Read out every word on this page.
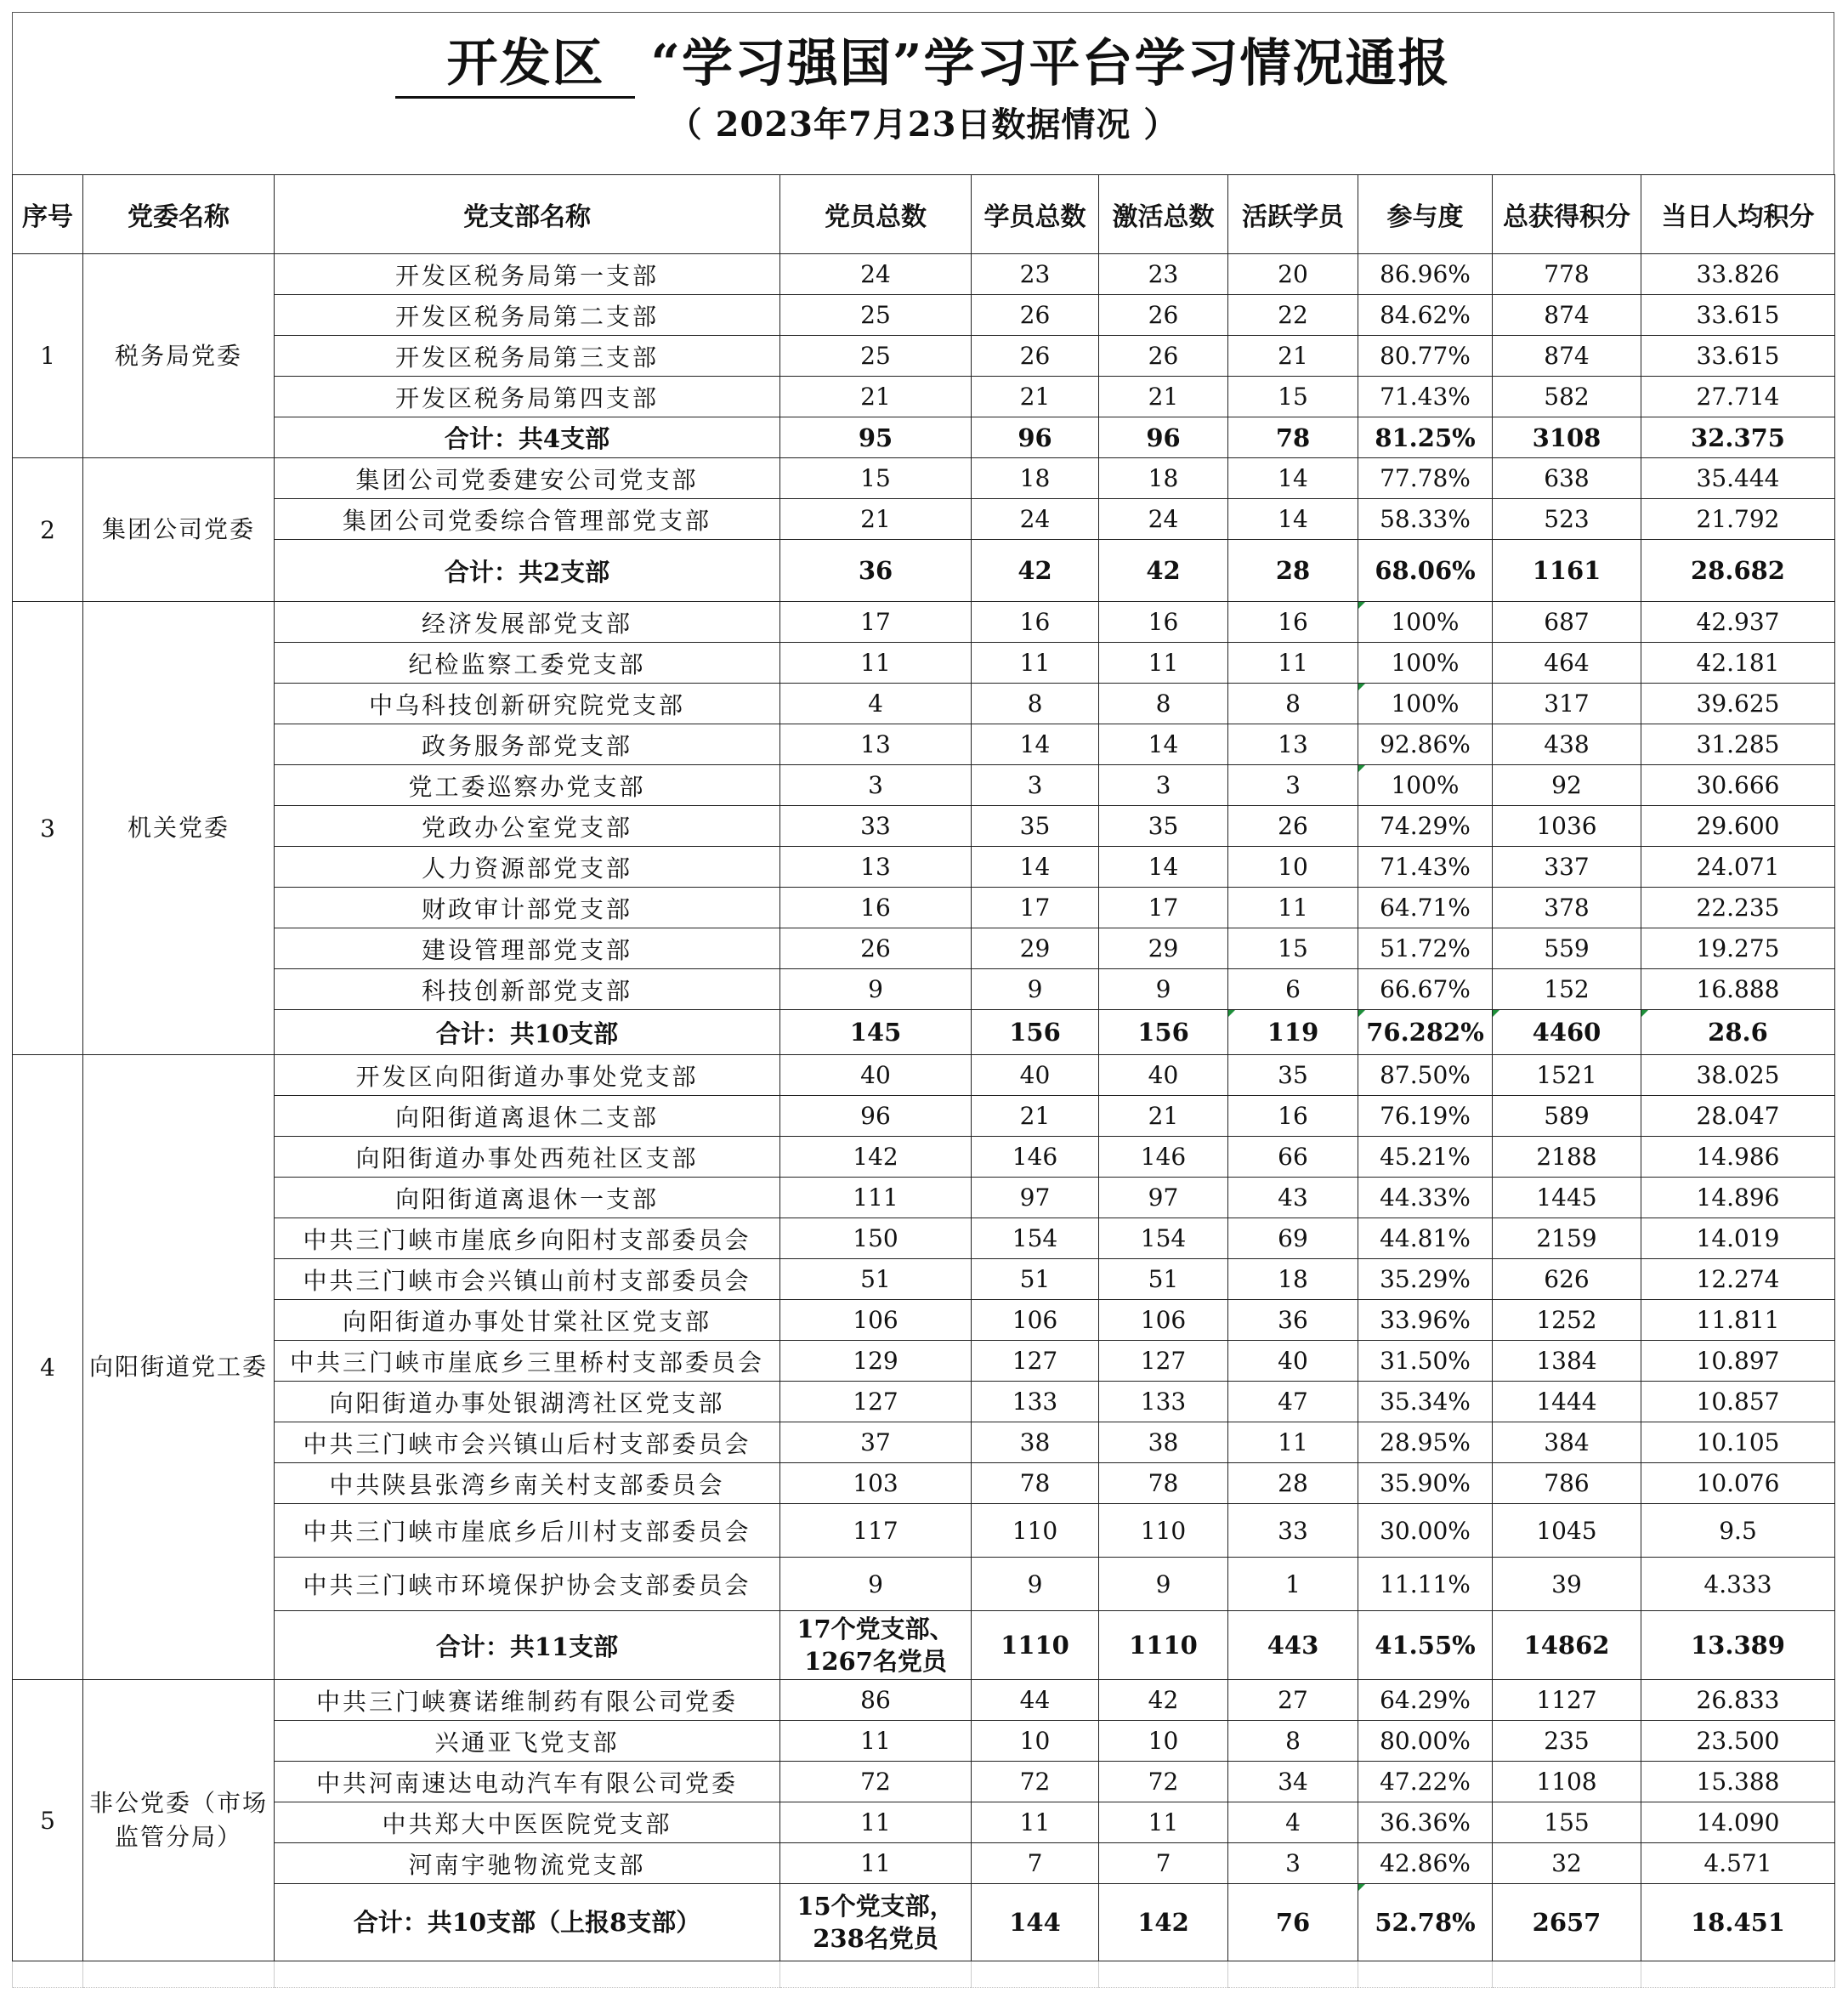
开发区 “学习强国”学习平台学习情况通报
（ 2023年7月23日数据情况 ）
序号	党委名称	党支部名称	党员总数	学员总数	激活总数	活跃学员	参与度	总获得积分	当日人均积分
1	税务局党委	开发区税务局第一支部	24	23	23	20	86.96%	778	33.826
		开发区税务局第二支部	25	26	26	22	84.62%	874	33.615
		开发区税务局第三支部	25	26	26	21	80.77%	874	33.615
		开发区税务局第四支部	21	21	21	15	71.43%	582	27.714
		合计：共4支部	95	96	96	78	81.25%	3108	32.375
2	集团公司党委	集团公司党委建安公司党支部	15	18	18	14	77.78%	638	35.444
		集团公司党委综合管理部党支部	21	24	24	14	58.33%	523	21.792
		合计：共2支部	36	42	42	28	68.06%	1161	28.682
3	机关党委	经济发展部党支部	17	16	16	16	100%	687	42.937
		纪检监察工委党支部	11	11	11	11	100%	464	42.181
		中乌科技创新研究院党支部	4	8	8	8	100%	317	39.625
		政务服务部党支部	13	14	14	13	92.86%	438	31.285
		党工委巡察办党支部	3	3	3	3	100%	92	30.666
		党政办公室党支部	33	35	35	26	74.29%	1036	29.600
		人力资源部党支部	13	14	14	10	71.43%	337	24.071
		财政审计部党支部	16	17	17	11	64.71%	378	22.235
		建设管理部党支部	26	29	29	15	51.72%	559	19.275
		科技创新部党支部	9	9	9	6	66.67%	152	16.888
		合计：共10支部	145	156	156	119	76.282%	4460	28.6
4	向阳街道党工委	开发区向阳街道办事处党支部	40	40	40	35	87.50%	1521	38.025
		向阳街道离退休二支部	96	21	21	16	76.19%	589	28.047
		向阳街道办事处西苑社区支部	142	146	146	66	45.21%	2188	14.986
		向阳街道离退休一支部	111	97	97	43	44.33%	1445	14.896
		中共三门峡市崖底乡向阳村支部委员会	150	154	154	69	44.81%	2159	14.019
		中共三门峡市会兴镇山前村支部委员会	51	51	51	18	35.29%	626	12.274
		向阳街道办事处甘棠社区党支部	106	106	106	36	33.96%	1252	11.811
		中共三门峡市崖底乡三里桥村支部委员会	129	127	127	40	31.50%	1384	10.897
		向阳街道办事处银湖湾社区党支部	127	133	133	47	35.34%	1444	10.857
		中共三门峡市会兴镇山后村支部委员会	37	38	38	11	28.95%	384	10.105
		中共陕县张湾乡南关村支部委员会	103	78	78	28	35.90%	786	10.076
		中共三门峡市崖底乡后川村支部委员会	117	110	110	33	30.00%	1045	9.5
		中共三门峡市环境保护协会支部委员会	9	9	9	1	11.11%	39	4.333
		合计：共11支部	17个党支部、1267名党员	1110	1110	443	41.55%	14862	13.389
5	非公党委（市场监管分局）	中共三门峡赛诺维制药有限公司党委	86	44	42	27	64.29%	1127	26.833
		兴通亚飞党支部	11	10	10	8	80.00%	235	23.500
		中共河南速达电动汽车有限公司党委	72	72	72	34	47.22%	1108	15.388
		中共郑大中医医院党支部	11	11	11	4	36.36%	155	14.090
		河南宇驰物流党支部	11	7	7	3	42.86%	32	4.571
		合计：共10支部（上报8支部）	15个党支部，238名党员	144	142	76	52.78%	2657	18.451
